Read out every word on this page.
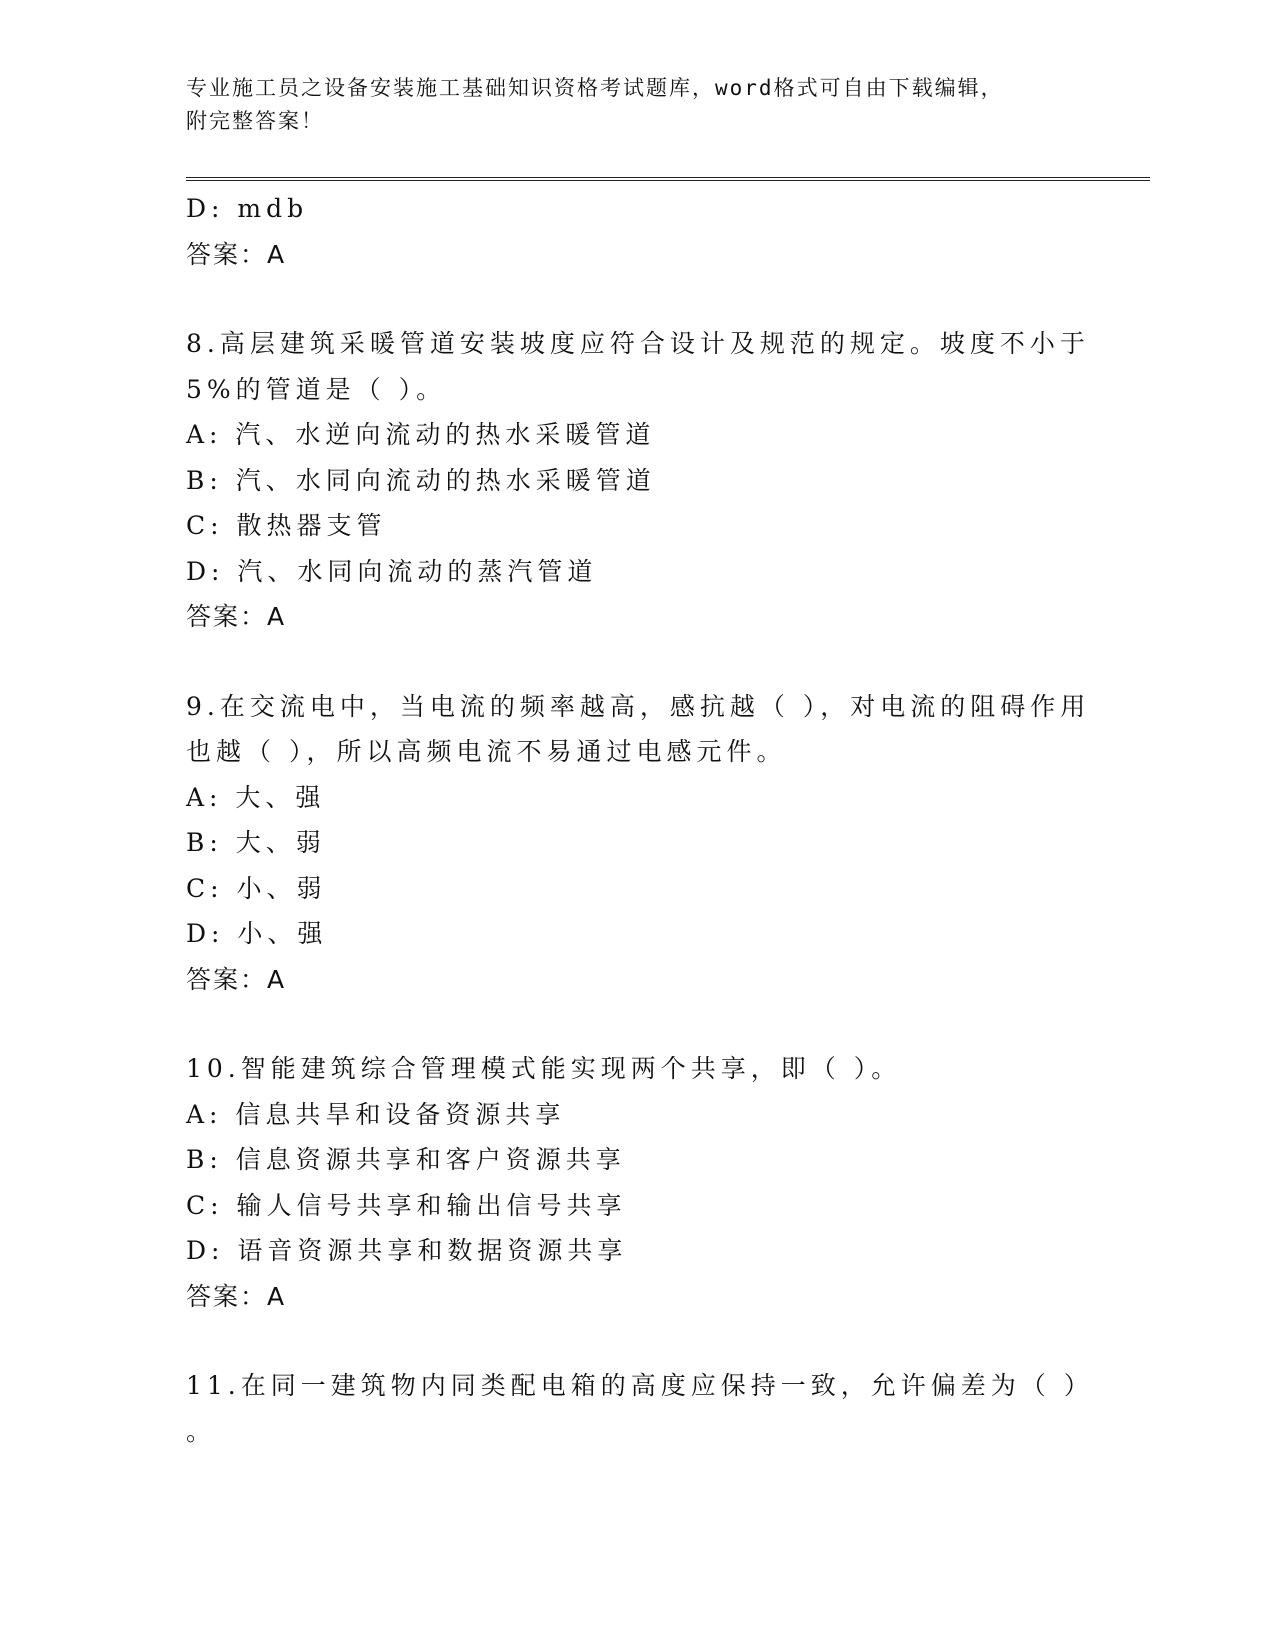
专业施工员之设备安装施工基础知识资格考试题库，word格式可自由下载编辑，
附完整答案！
D: mdb
答案：A
8.高层建筑采暖管道安装坡度应符合设计及规范的规定。坡度不小于
5%的管道是（ ）。
A: 汽、水逆向流动的热水采暖管道
B: 汽、水同向流动的热水采暖管道
C: 散热器支管
D: 汽、水同向流动的蒸汽管道
答案：A
9.在交流电中，当电流的频率越高，感抗越（ ），对电流的阻碍作用
也越（ ），所以高频电流不易通过电感元件。
A: 大、强
B: 大、弱
C: 小、弱
D: 小、强
答案：A
10.智能建筑综合管理模式能实现两个共享，即（ ）。
A: 信息共旱和设备资源共享
B: 信息资源共享和客户资源共享
C: 输人信号共享和输出信号共享
D: 语音资源共享和数据资源共享
答案：A
11.在同一建筑物内同类配电箱的高度应保持一致，允许偏差为（ ）
。
